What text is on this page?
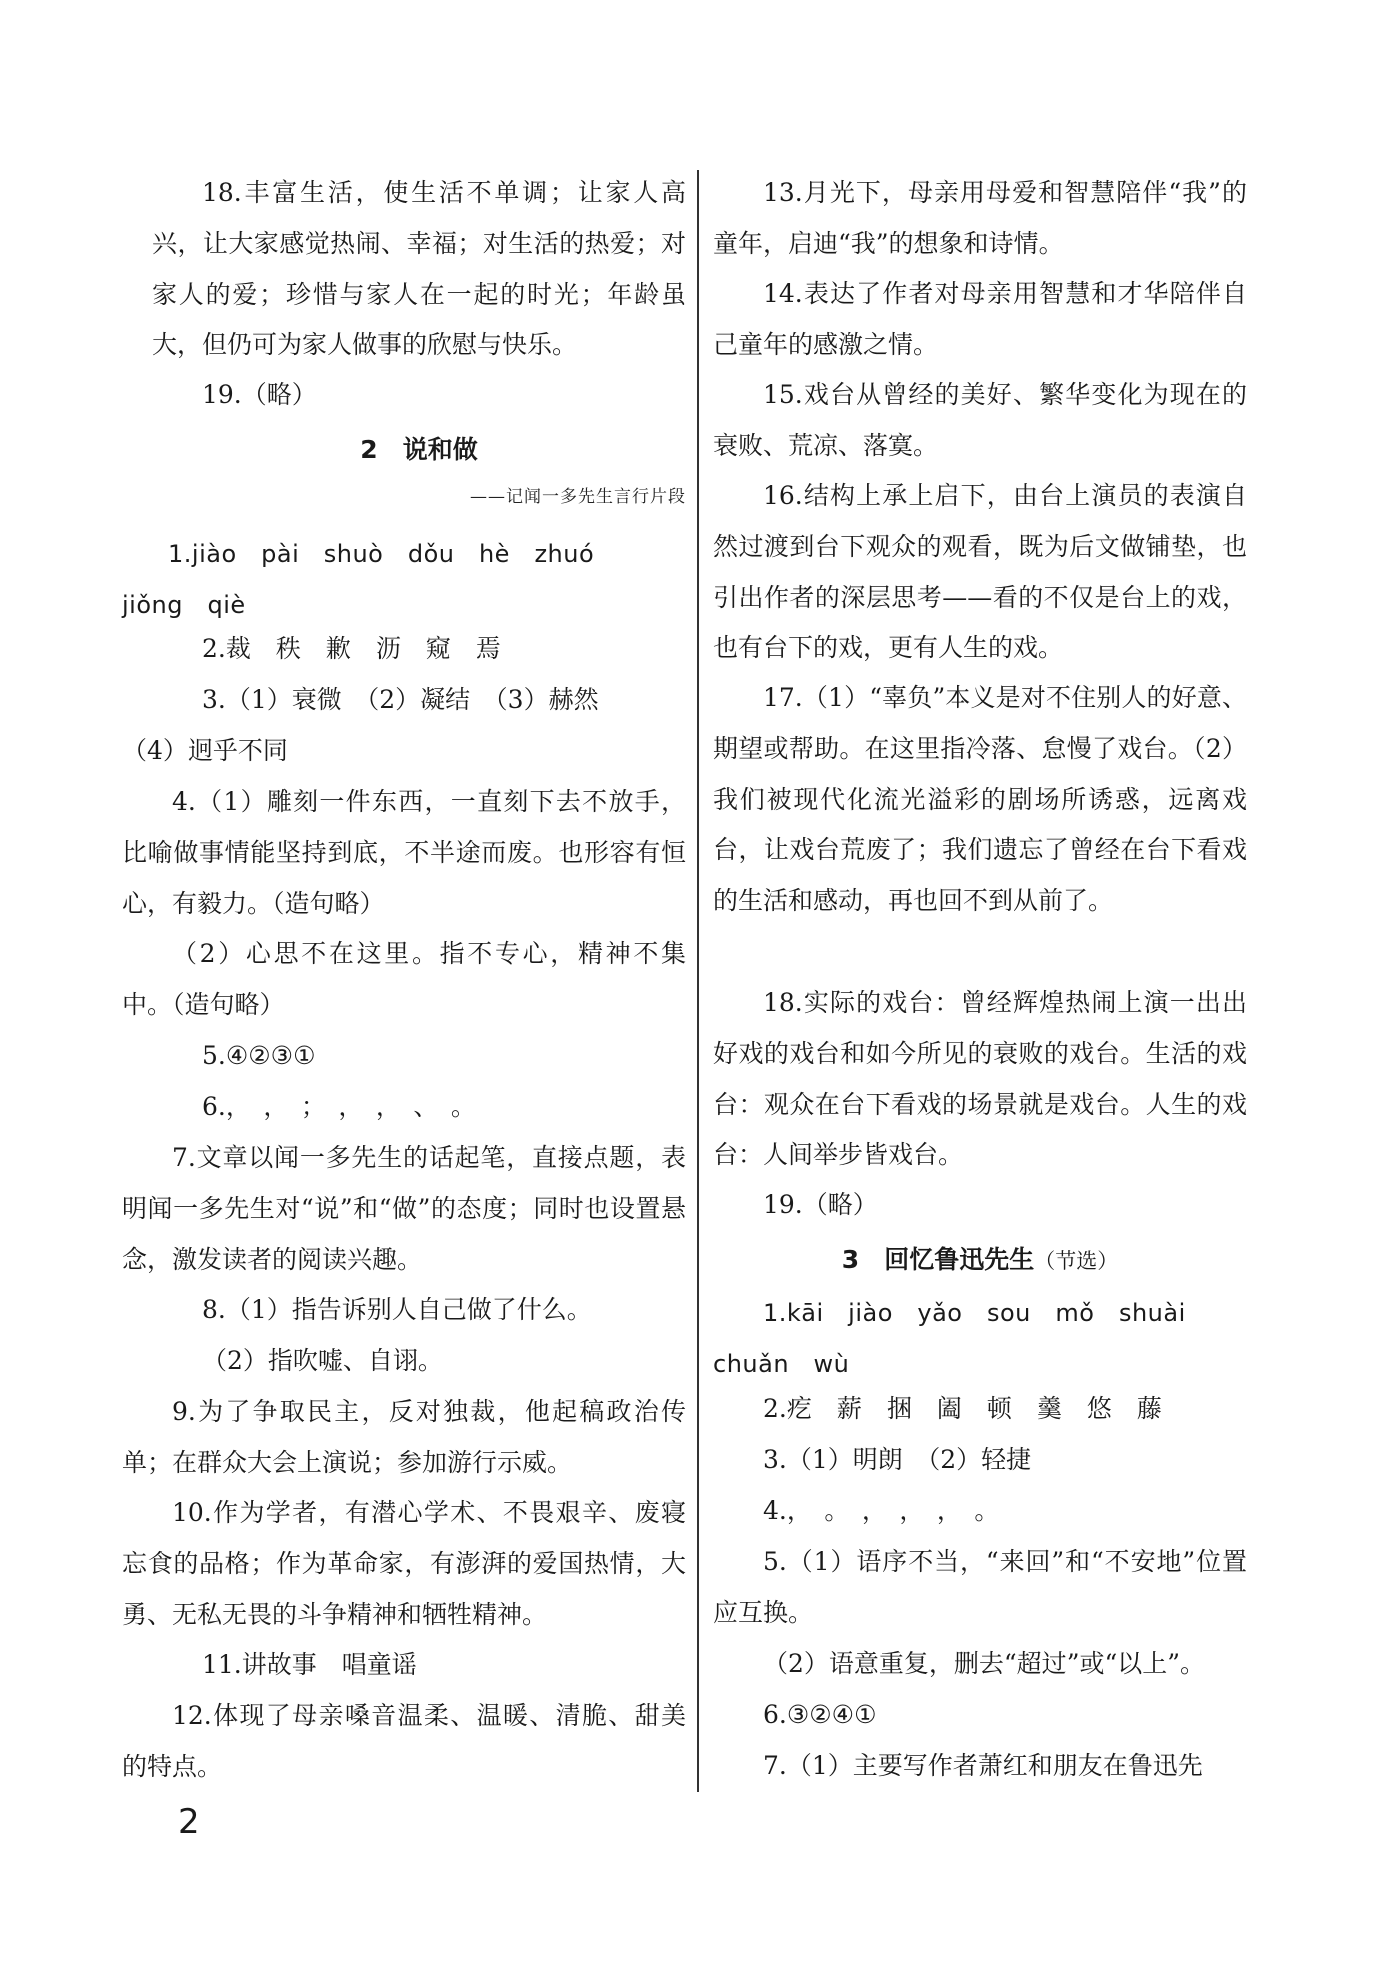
18.丰富生活，使生活不单调；让家人高兴，让大家感觉热闹、幸福；对生活的热爱；对家人的爱；珍惜与家人在一起的时光；年龄虽大，但仍可为家人做事的欣慰与快乐。

19.（略）

2　说和做
——记闻一多先生言行片段
1.jiào　pài　shuò　dǒu　hè　zhuó
jiǒng　qiè

2.裁　秩　歉　沥　窥　焉

3.（1）衰微　（2）凝结　（3）赫然

（4）迥乎不同

4.（1）雕刻一件东西，一直刻下去不放手，比喻做事情能坚持到底，不半途而废。也形容有恒心，有毅力。（造句略）

（2）心思不在这里。指不专心，精神不集中。（造句略）

5.④②③①

6.，　，　；　，　，　、　。

7.文章以闻一多先生的话起笔，直接点题，表明闻一多先生对“说”和“做”的态度；同时也设置悬念，激发读者的阅读兴趣。

8.（1）指告诉别人自己做了什么。

（2）指吹嘘、自诩。

9.为了争取民主，反对独裁，他起稿政治传单；在群众大会上演说；参加游行示威。

10.作为学者，有潜心学术、不畏艰辛、废寝忘食的品格；作为革命家，有澎湃的爱国热情，大勇、无私无畏的斗争精神和牺牲精神。

11.讲故事　唱童谣

12.体现了母亲嗓音温柔、温暖、清脆、甜美的特点。

13.月光下，母亲用母爱和智慧陪伴“我”的童年，启迪“我”的想象和诗情。

14.表达了作者对母亲用智慧和才华陪伴自己童年的感激之情。

15.戏台从曾经的美好、繁华变化为现在的衰败、荒凉、落寞。

16.结构上承上启下，由台上演员的表演自然过渡到台下观众的观看，既为后文做铺垫，也引出作者的深层思考——看的不仅是台上的戏，也有台下的戏，更有人生的戏。

17.（1）“辜负”本义是对不住别人的好意、期望或帮助。在这里指冷落、怠慢了戏台。（2）我们被现代化流光溢彩的剧场所诱惑，远离戏台，让戏台荒废了；我们遗忘了曾经在台下看戏的生活和感动，再也回不到从前了。

18.实际的戏台：曾经辉煌热闹上演一出出好戏的戏台和如今所见的衰败的戏台。生活的戏台：观众在台下看戏的场景就是戏台。人生的戏台：人间举步皆戏台。

19.（略）

3　回忆鲁迅先生（节选）
1.kāi　jiào　yǎo　sou　mǒ　shuài
chuǎn　wù

2.疙　薪　捆　阖　顿　羹　悠　藤

3.（1）明朗　（2）轻捷

4.，　。　，　，　，　。

5.（1）语序不当，“来回”和“不安地”位置应互换。

（2）语意重复，删去“超过”或“以上”。

6.③②④①

7.（1）主要写作者萧红和朋友在鲁迅先

2
